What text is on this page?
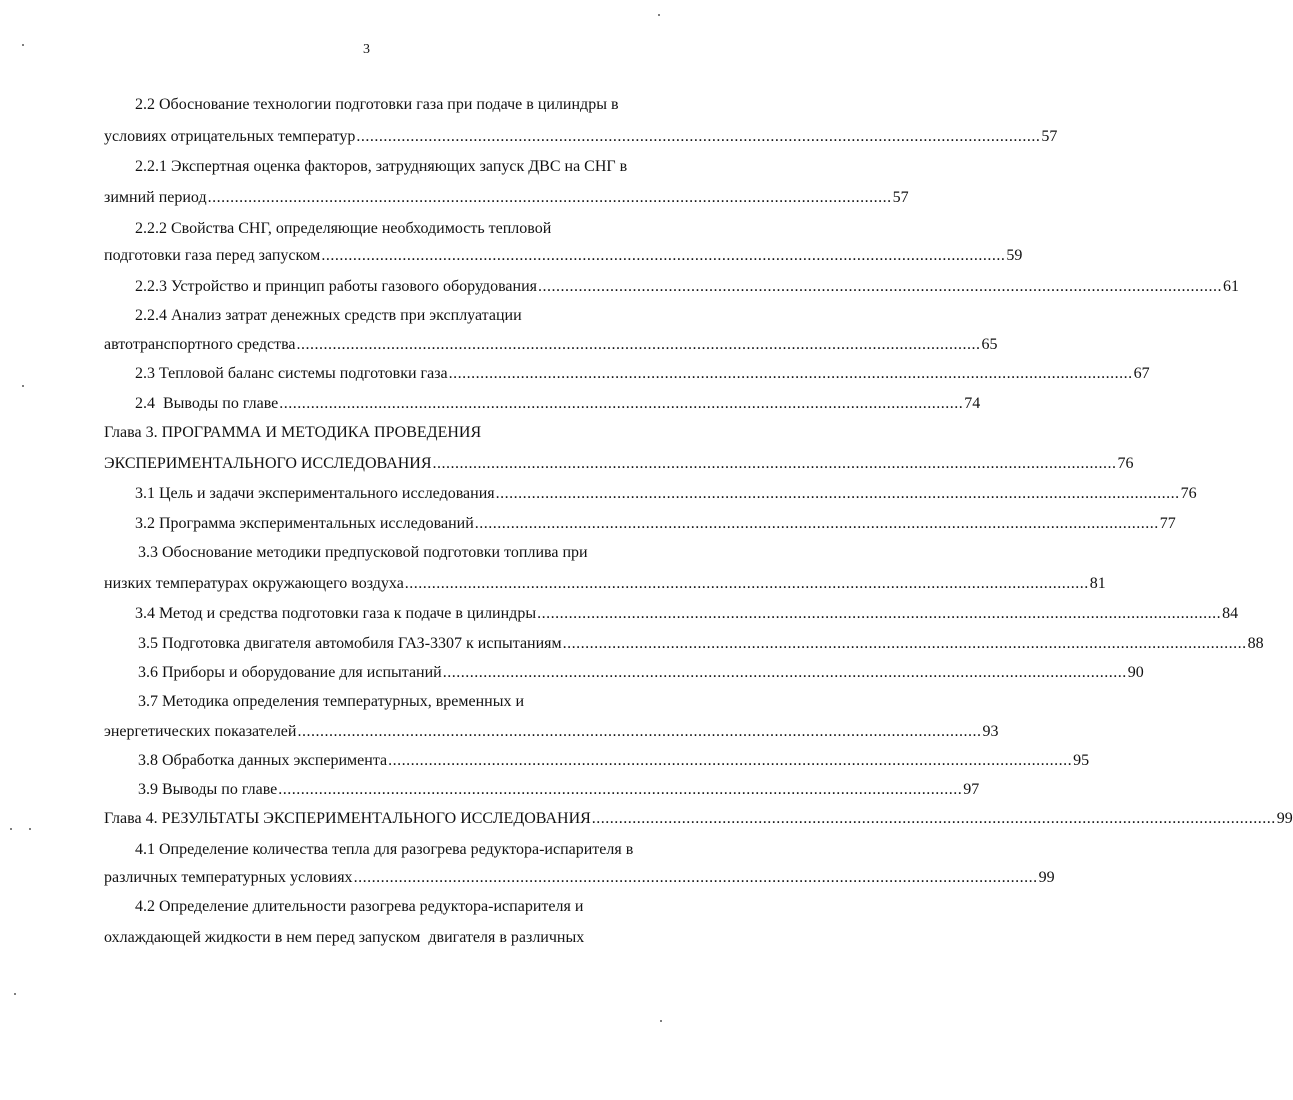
3
2.2 Обоснование технологии подготовки газа при подаче в цилиндры в
условиях отрицательных температур ........................................................................................................................................................ 57
2.2.1 Экспертная оценка факторов, затрудняющих запуск ДВС на СНГ в
зимний период ........................................................................................................................................................ 57
2.2.2 Свойства СНГ, определяющие необходимость тепловой
подготовки газа перед запуском ........................................................................................................................................................ 59
2.2.3 Устройство и принцип работы газового оборудования ........................................................................................................................................................ 61
2.2.4 Анализ затрат денежных средств при эксплуатации
автотранспортного средства ........................................................................................................................................................ 65
2.3 Тепловой баланс системы подготовки газа ........................................................................................................................................................ 67
2.4  Выводы по главе ........................................................................................................................................................ 74
Глава 3. ПРОГРАММА И МЕТОДИКА ПРОВЕДЕНИЯ
ЭКСПЕРИМЕНТАЛЬНОГО ИССЛЕДОВАНИЯ ........................................................................................................................................................ 76
3.1 Цель и задачи экспериментального исследования ........................................................................................................................................................ 76
3.2 Программа экспериментальных исследований ........................................................................................................................................................ 77
3.3 Обоснование методики предпусковой подготовки топлива при
низких температурах окружающего воздуха ........................................................................................................................................................ 81
3.4 Метод и средства подготовки газа к подаче в цилиндры ........................................................................................................................................................ 84
3.5 Подготовка двигателя автомобиля ГАЗ-3307 к испытаниям ........................................................................................................................................................ 88
3.6 Приборы и оборудование для испытаний ........................................................................................................................................................ 90
3.7 Методика определения температурных, временных и
энергетических показателей ........................................................................................................................................................ 93
3.8 Обработка данных эксперимента ........................................................................................................................................................ 95
3.9 Выводы по главе ........................................................................................................................................................ 97
Глава 4. РЕЗУЛЬТАТЫ ЭКСПЕРИМЕНТАЛЬНОГО ИССЛЕДОВАНИЯ ........................................................................................................................................................ 99
4.1 Определение количества тепла для разогрева редуктора-испарителя в
различных температурных условиях ........................................................................................................................................................ 99
4.2 Определение длительности разогрева редуктора-испарителя и
охлаждающей жидкости в нем перед запуском  двигателя в различных
